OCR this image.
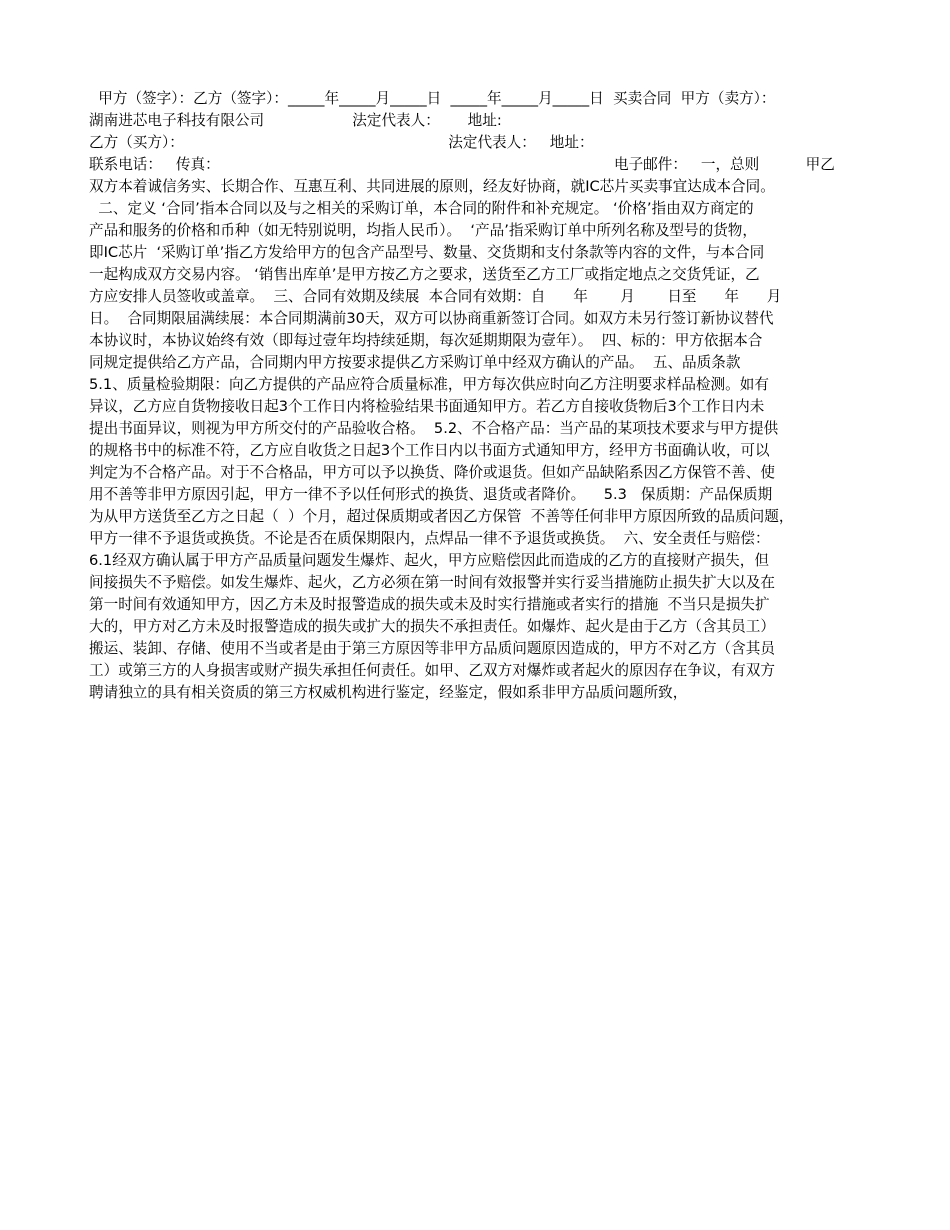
甲方（签字）：乙方（签字）：_____年_____月_____日  _____年_____月_____日  买卖合同  甲方（卖方）：
湖南进芯电子科技有限公司                   法定代表人：      地址:
乙方（买方）：                                                         法定代表人：   地址：
联系电话：   传真：                                                                                     电子邮件：   一，总则          甲乙
双方本着诚信务实、长期合作、互惠互利、共同进展的原则，经友好协商，就IC芯片买卖事宜达成本合同。
二、定义 ‘合同’指本合同以及与之相关的采购订单，本合同的附件和补充规定。 ‘价格’指由双方商定的
产品和服务的价格和币种（如无特别说明，均指人民币）。  ‘产品’指采购订单中所列名称及型号的货物，
即IC芯片  ‘采购订单’指乙方发给甲方的包含产品型号、数量、交货期和支付条款等内容的文件，与本合同
一起构成双方交易内容。 ‘销售出库单’是甲方按乙方之要求，送货至乙方工厂或指定地点之交货凭证，乙
方应安排人员签收或盖章。  三、合同有效期及续展  本合同有效期：自      年       月       日至      年      月
日。  合同期限届满续展：本合同期满前30天，双方可以协商重新签订合同。如双方未另行签订新协议替代
本协议时，本协议始终有效（即每过壹年均持续延期，每次延期期限为壹年）。  四、标的：甲方依据本合
同规定提供给乙方产品，合同期内甲方按要求提供乙方采购订单中经双方确认的产品。  五、品质条款
5.1、质量检验期限：向乙方提供的产品应符合质量标准，甲方每次供应时向乙方注明要求样品检测。如有
异议，乙方应自货物接收日起3个工作日内将检验结果书面通知甲方。若乙方自接收货物后3个工作日内未
提出书面异议，则视为甲方所交付的产品验收合格。  5.2、不合格产品：当产品的某项技术要求与甲方提供
的规格书中的标准不符，乙方应自收货之日起3个工作日内以书面方式通知甲方，经甲方书面确认收，可以
判定为不合格产品。对于不合格品，甲方可以予以换货、降价或退货。但如产品缺陷系因乙方保管不善、使
用不善等非甲方原因引起，甲方一律不予以任何形式的换货、退货或者降价。    5.3   保质期：产品保质期
为从甲方送货至乙方之日起（  ）个月，超过保质期或者因乙方保管  不善等任何非甲方原因所致的品质问题，
甲方一律不予退货或换货。不论是否在质保期限内，点焊品一律不予退货或换货。  六、安全责任与赔偿：
6.1经双方确认属于甲方产品质量问题发生爆炸、起火，甲方应赔偿因此而造成的乙方的直接财产损失，但
间接损失不予赔偿。如发生爆炸、起火，乙方必须在第一时间有效报警并实行妥当措施防止损失扩大以及在
第一时间有效通知甲方，因乙方未及时报警造成的损失或未及时实行措施或者实行的措施  不当只是损失扩
大的，甲方对乙方未及时报警造成的损失或扩大的损失不承担责任。如爆炸、起火是由于乙方（含其员工）
搬运、装卸、存储、使用不当或者是由于第三方原因等非甲方品质问题原因造成的，甲方不对乙方（含其员
工）或第三方的人身损害或财产损失承担任何责任。如甲、乙双方对爆炸或者起火的原因存在争议，有双方
聘请独立的具有相关资质的第三方权威机构进行鉴定，经鉴定，假如系非甲方品质问题所致，
